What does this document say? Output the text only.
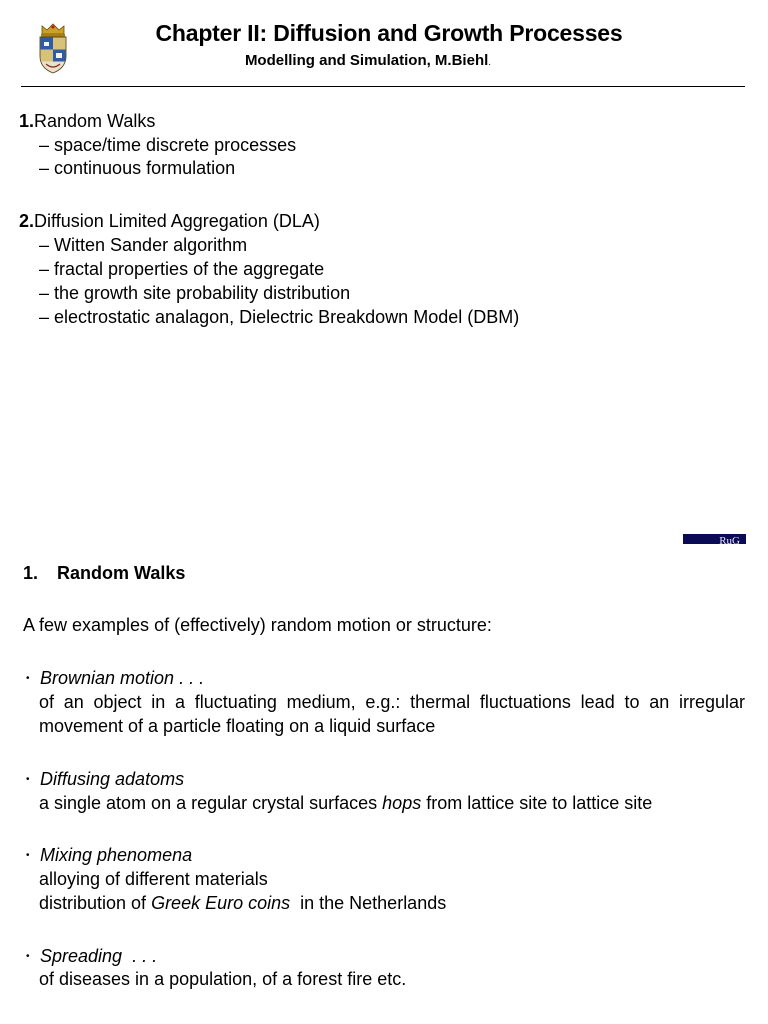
Chapter II: Diffusion and Growth Processes
Modelling and Simulation, M.Biehl.
1.Random Walks
– space/time discrete processes
– continuous formulation
2.Diffusion Limited Aggregation (DLA)
– Witten Sander algorithm
– fractal properties of the aggregate
– the growth site probability distribution
– electrostatic analagon, Dielectric Breakdown Model (DBM)
RuG
1. Random Walks
A few examples of (effectively) random motion or structure:
• Brownian motion . . .
of an object in a fluctuating medium, e.g.: thermal fluctuations lead to an irregular
movement of a particle floating on a liquid surface
• Diffusing adatoms
a single atom on a regular crystal surfaces hops from lattice site to lattice site
• Mixing phenomena
alloying of different materials
distribution of Greek Euro coins  in the Netherlands
• Spreading  . . .
of diseases in a population, of a forest fire etc.
